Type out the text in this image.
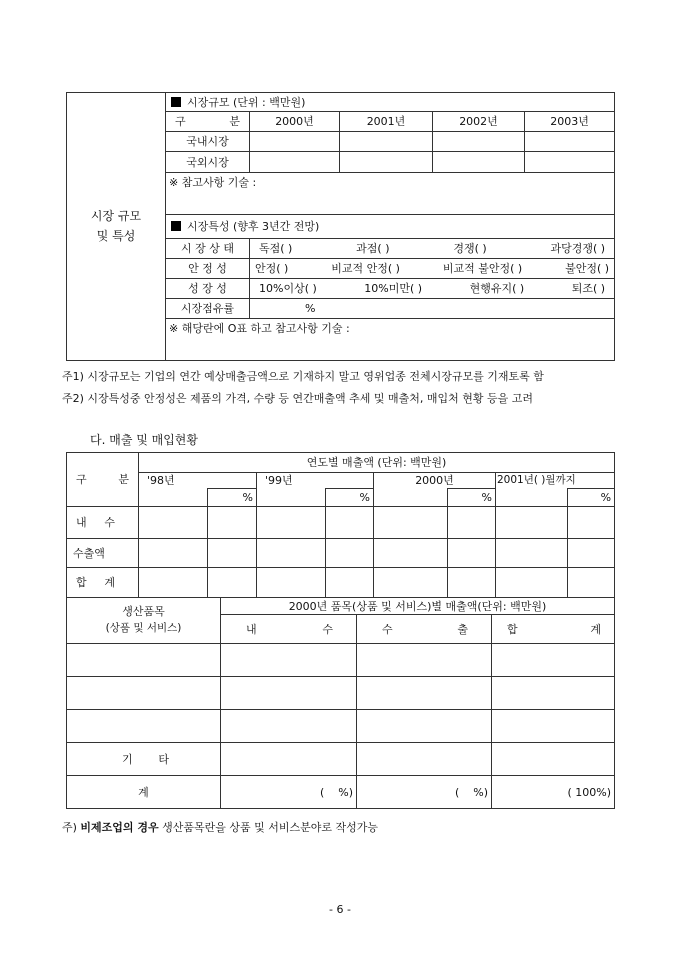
시장 규모
및 특성	시장규모 (단위 : 백만원)				

	구 분	2000년	2001년	2002년	2003년
	국내시장				
	국외시장				
	※ 참고사항 기술 :				
	시장특성 (향후 3년간 전망)				
	시 장 상 태	독점( ) 과점( ) 경쟁( ) 과당경쟁( )			

	안 정 성	안정( ) 비교적 안정( ) 비교적 불안정( ) 불안정( )			

	성 장 성	10%이상( ) 10%미만( ) 현행유지( ) 퇴조( )			

	시장점유률	%			
	※ 해당란에 O표 하고 참고사항 기술 :				
주1) 시장규모는 기업의 연간 예상매출금액으로 기재하지 말고 영위업종 전체시장규모를 기재토록 함
주2) 시장특성중 안정성은 제품의 가격, 수량 등 연간매출액 추세 및 매출처, 매입처 현황 등을 고려
다. 매출 및 매입현황
구 분	연도별 매출액 (단위: 백만원)							
	'98년		'99년		2000년		2001년( )월까지	
		%		%		%		%

내 수								

수출액								

합 계								

생산품목
(상품 및 서비스)	2000년 품목(상품 및 서비스)별 매출액(단위: 백만원)		

	내 수	수 출	합 계

기 타			

계	(    %)	(    %)	( 100%)
주) 비제조업의 경우 생산품목란을 상품 및 서비스분야로 작성가능
- 6 -
